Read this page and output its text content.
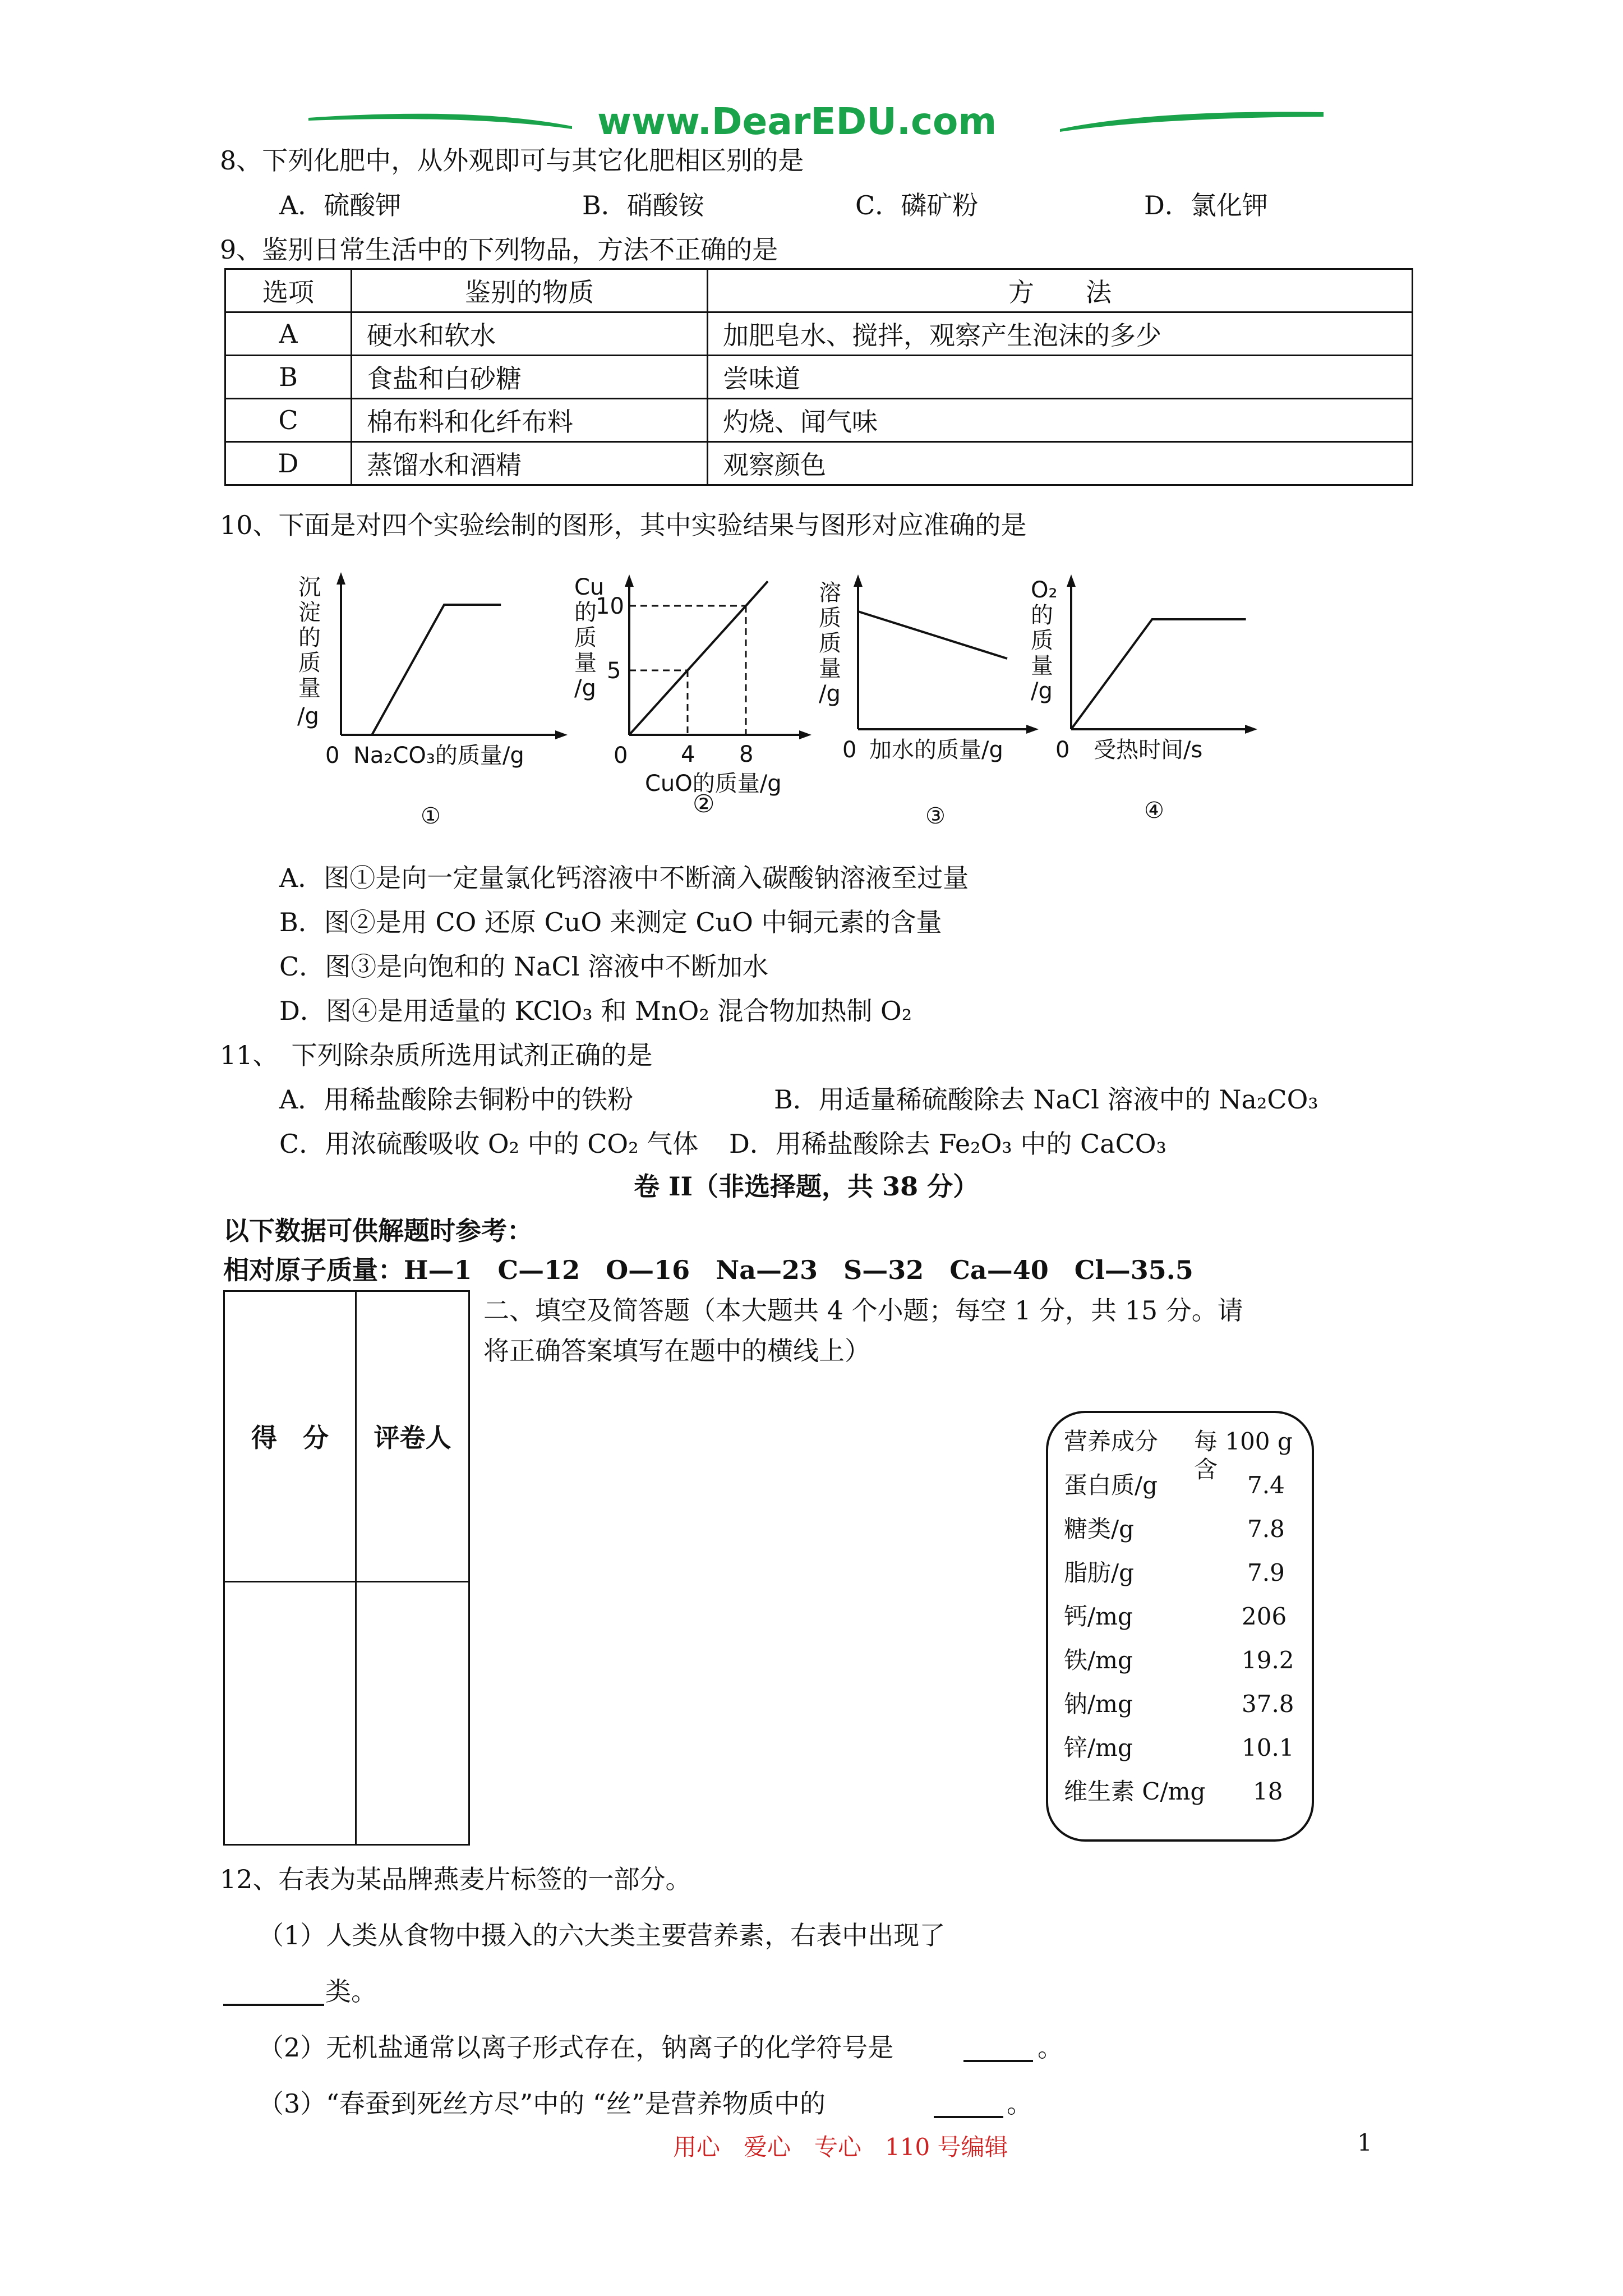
www.DearEDU.com
8、下列化肥中，从外观即可与其它化肥相区别的是
A．硫酸钾	B．硝酸铵	C．磷矿粉	D．氯化钾
9、鉴别日常生活中的下列物品，方法不正确的是
选项	鉴别的物质	方　　法
A	硬水和软水	加肥皂水、搅拌，观察产生泡沫的多少
B	食盐和白砂糖	尝味道
C	棉布料和化纤布料	灼烧、闻气味
D	蒸馏水和酒精	观察颜色
10、下面是对四个实验绘制的图形，其中实验结果与图形对应准确的是
沉
淀
的
质
量
/g
0 Na₂CO₃的质量/g
①
Cu
的
质
量
/g
0 4 8
5
10
CuO的质量/g
②
溶
质
质
量
/g
0 加水的质量/g
③
O₂
的
质
量
/g
0 受热时间/s
④
A．图①是向一定量氯化钙溶液中不断滴入碳酸钠溶液至过量
B．图②是用 CO 还原 CuO 来测定 CuO 中铜元素的含量
C．图③是向饱和的 NaCl 溶液中不断加水
D．图④是用适量的 KClO₃ 和 MnO₂ 混合物加热制 O₂
11、　下列除杂质所选用试剂正确的是
A．用稀盐酸除去铜粉中的铁粉	B．用适量稀硫酸除去 NaCl 溶液中的 Na₂CO₃
C．用浓硫酸吸收 O₂ 中的 CO₂ 气体 D．用稀盐酸除去 Fe₂O₃ 中的 CaCO₃
卷 II（非选择题，共 38 分）
以下数据可供解题时参考：
相对原子质量：H—1　C—12　O—16　Na—23　S—32　Ca—40　Cl—35.5
得　分	评卷人

二、填空及简答题（本大题共 4 个小题；每空 1 分，共 15 分。请
将正确答案填写在题中的横线上）
营养成分 每 100 g 含
蛋白质/g	7.4
糖类/g	7.8
脂肪/g	7.9
钙/mg	206
铁/mg	19.2
钠/mg	37.8
锌/mg	10.1
维生素 C/mg 18
12、右表为某品牌燕麦片标签的一部分。
（1）人类从食物中摄入的六大类主要营养素，右表中出现了
类。
（2）无机盐通常以离子形式存在，钠离子的化学符号是	。
（3）“春蚕到死丝方尽”中的 “丝”是营养物质中的	。
用心　爱心　专心　110 号编辑	1
